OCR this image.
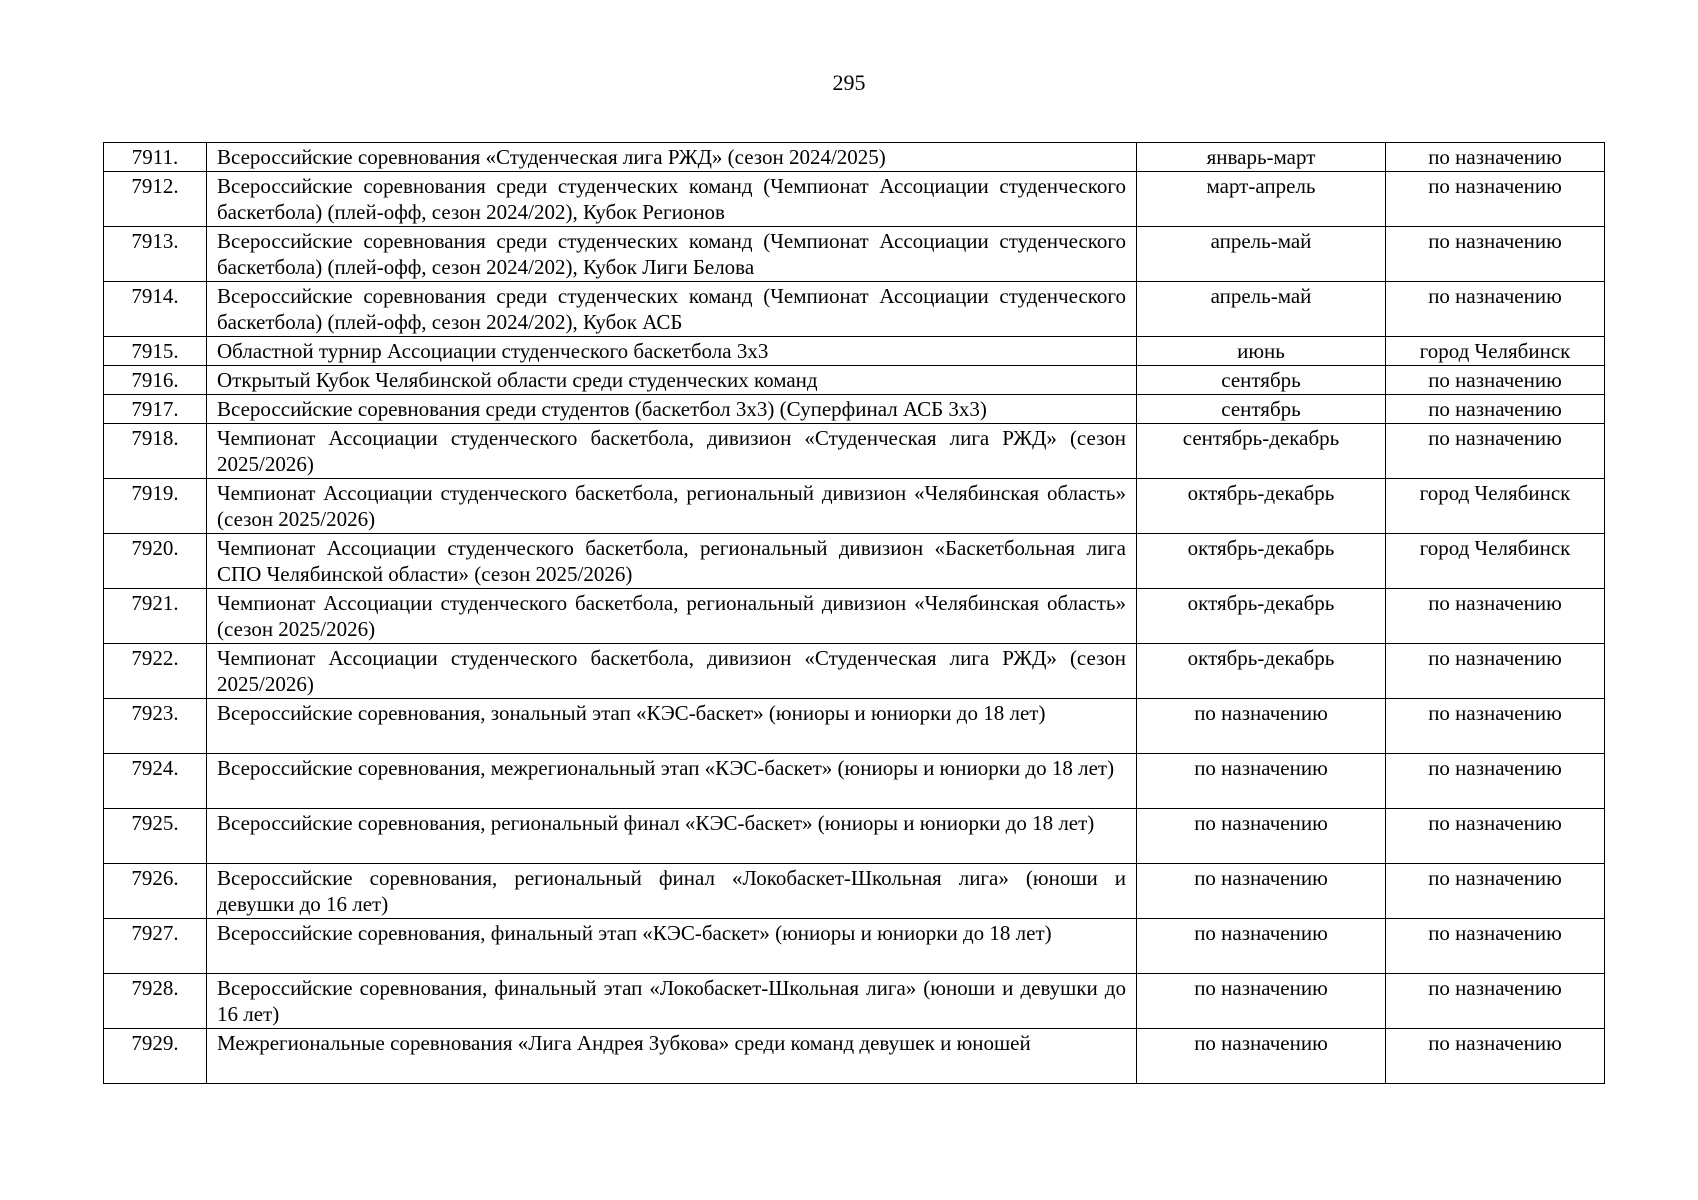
295
7911.	Всероссийские соревнования «Студенческая лига РЖД» (сезон 2024/2025)	январь-март	по назначению
7912.	Всероссийские соревнования среди студенческих команд (Чемпионат Ассоциации студенческого баскетбола) (плей-офф, сезон 2024/202), Кубок Регионов	март-апрель	по назначению
7913.	Всероссийские соревнования среди студенческих команд (Чемпионат Ассоциации студенческого баскетбола) (плей-офф, сезон 2024/202), Кубок Лиги Белова	апрель-май	по назначению
7914.	Всероссийские соревнования среди студенческих команд (Чемпионат Ассоциации студенческого баскетбола) (плей-офф, сезон 2024/202), Кубок АСБ	апрель-май	по назначению
7915.	Областной турнир Ассоциации студенческого баскетбола 3х3	июнь	город Челябинск
7916.	Открытый Кубок Челябинской области среди студенческих команд	сентябрь	по назначению
7917.	Всероссийские соревнования среди студентов (баскетбол 3х3) (Суперфинал АСБ 3х3)	сентябрь	по назначению
7918.	Чемпионат Ассоциации студенческого баскетбола, дивизион «Студенческая лига РЖД» (сезон 2025/2026)	сентябрь-декабрь	по назначению
7919.	Чемпионат Ассоциации студенческого баскетбола, региональный дивизион «Челябинская область» (сезон 2025/2026)	октябрь-декабрь	город Челябинск
7920.	Чемпионат Ассоциации студенческого баскетбола, региональный дивизион «Баскетбольная лига СПО Челябинской области» (сезон 2025/2026)	октябрь-декабрь	город Челябинск
7921.	Чемпионат Ассоциации студенческого баскетбола, региональный дивизион «Челябинская область» (сезон 2025/2026)	октябрь-декабрь	по назначению
7922.	Чемпионат Ассоциации студенческого баскетбола, дивизион «Студенческая лига РЖД» (сезон 2025/2026)	октябрь-декабрь	по назначению
7923.	Всероссийские соревнования, зональный этап «КЭС-баскет» (юниоры и юниорки до 18 лет)	по назначению	по назначению
7924.	Всероссийские соревнования, межрегиональный этап «КЭС-баскет» (юниоры и юниорки до 18 лет)	по назначению	по назначению
7925.	Всероссийские соревнования, региональный финал «КЭС-баскет» (юниоры и юниорки до 18 лет)	по назначению	по назначению
7926.	Всероссийские соревнования, региональный финал «Локобаскет-Школьная лига» (юноши и девушки до 16 лет)	по назначению	по назначению
7927.	Всероссийские соревнования, финальный этап «КЭС-баскет» (юниоры и юниорки до 18 лет)	по назначению	по назначению
7928.	Всероссийские соревнования, финальный этап «Локобаскет-Школьная лига» (юноши и девушки до 16 лет)	по назначению	по назначению
7929.	Межрегиональные соревнования «Лига Андрея Зубкова» среди команд девушек и юношей	по назначению	по назначению
